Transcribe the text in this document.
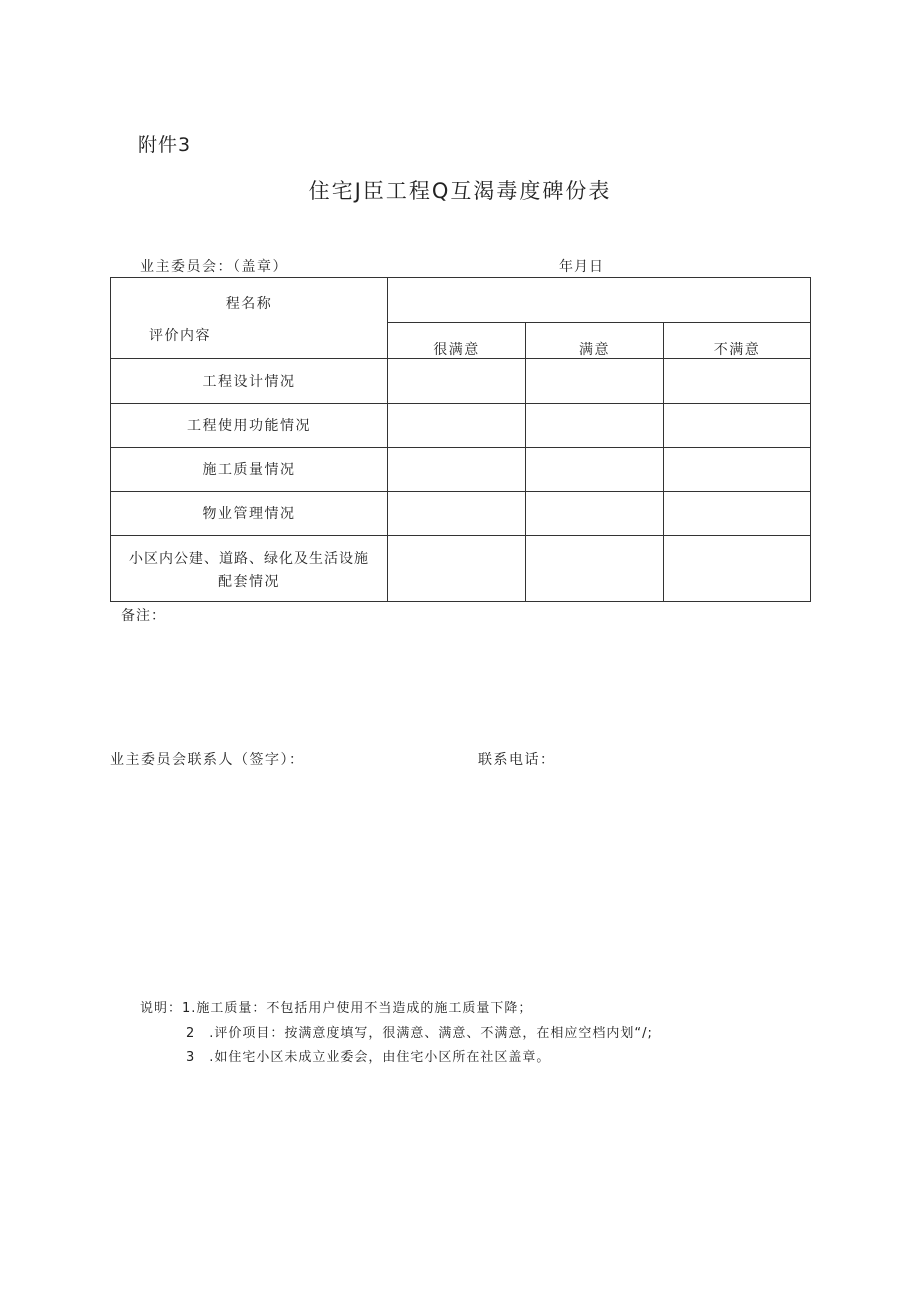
附件3
住宅J臣工程Q互渴毒度碑份表
业主委员会：（盖章）	年月日
程名称
评价内容
很满意	满意	不满意
工程设计情况
工程使用功能情况
施工质量情况
物业管理情况
小区内公建、道路、绿化及生活设施
配套情况
备注：
业主委员会联系人（签字）：	联系电话：
说明：1.施工质量：不包括用户使用不当造成的施工质量下降；
2　.评价项目：按满意度填写，很满意、满意、不满意，在相应空档内划“/;
3　.如住宅小区未成立业委会，由住宅小区所在社区盖章。
